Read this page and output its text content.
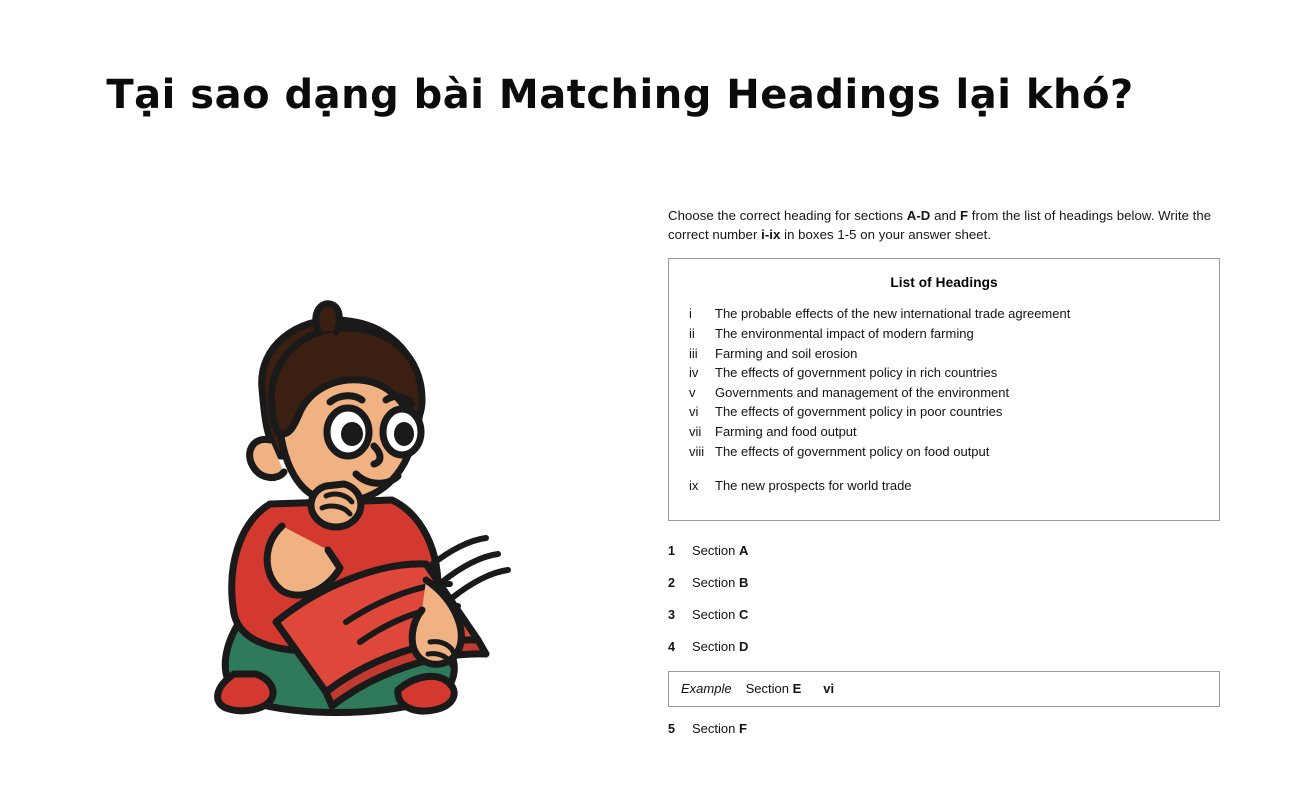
Tại sao dạng bài Matching Headings lại khó?

Choose the correct heading for sections A-D and F from the list of headings below. Write the
correct number i-ix in boxes 1-5 on your answer sheet.

List of Headings
i	The probable effects of the new international trade agreement
ii	The environmental impact of modern farming
iii	Farming and soil erosion
iv	The effects of government policy in rich countries
v	Governments and management of the environment
vi	The effects of government policy in poor countries
vii	Farming and food output
viii The effects of government policy on food output
ix	The new prospects for world trade
1	Section A
2	Section B
3	Section C
4	Section D
Example Section E vi
5	Section F
